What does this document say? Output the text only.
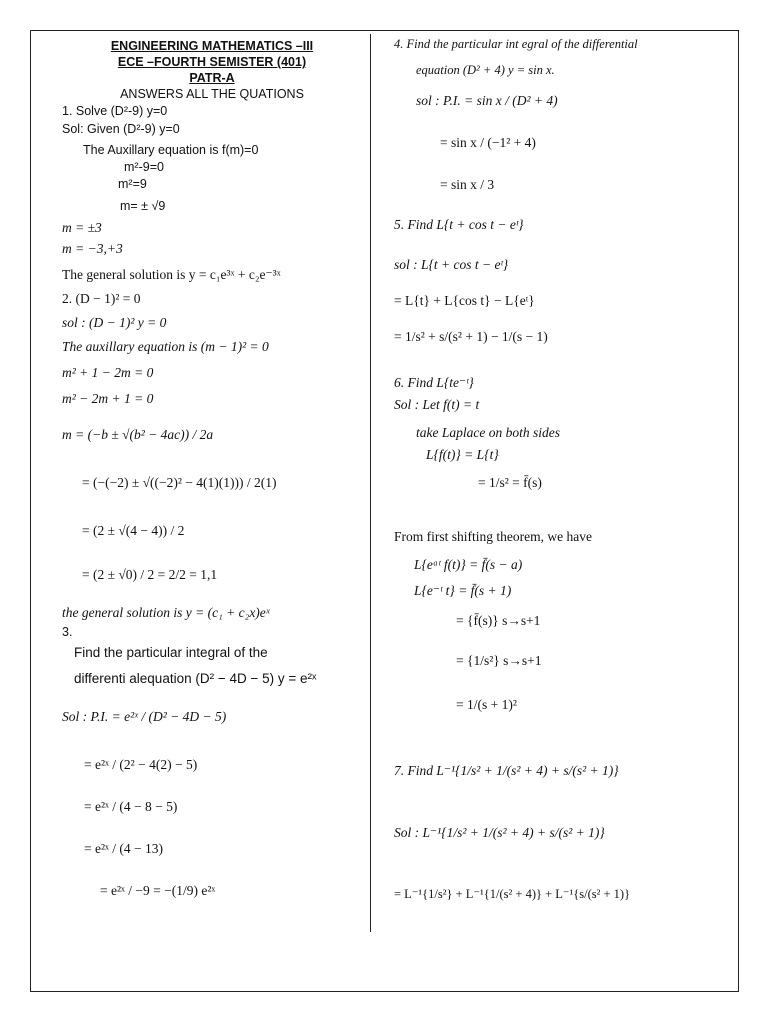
ENGINEERING MATHEMATICS –III
ECE –FOURTH SEMISTER (401)
PATR-A
ANSWERS ALL THE QUATIONS
1. Solve (D²-9) y=0
Sol: Given (D²-9) y=0
The Auxillary equation is f(m)=0
m²-9=0
m²=9
m= ± √9
m = ±3
m = −3,+3
The general solution is y = c₁e³ˣ + c₂e⁻³ˣ
2. (D − 1)² = 0
sol : (D − 1)² y = 0
The auxillary equation is (m − 1)² = 0
m² + 1 − 2m = 0
m² − 2m + 1 = 0
m = (−b ± √(b² − 4ac)) / 2a
= (−(−2) ± √((−2)² − 4(1)(1))) / 2(1)
= (2 ± √(4 − 4)) / 2
= (2 ± √0) / 2 = 2/2 = 1,1
the general solution is y = (c₁ + c₂x)eˣ
3.
Find the particular integral of the
differenti alequation (D² − 4D − 5) y = e²ˣ
Sol : P.I. = e²ˣ / (D² − 4D − 5)
= e²ˣ / (2² − 4(2) − 5)
= e²ˣ / (4 − 8 − 5)
= e²ˣ / (4 − 13)
= e²ˣ / −9 = −(1/9) e²ˣ
4. Find the particular int egral of the differential
equation (D² + 4) y = sin x.
sol : P.I. = sin x / (D² + 4)
= sin x / (−1² + 4)
= sin x / 3
5. Find L{t + cos t − eᵗ}
sol : L{t + cos t − eᵗ}
= L{t} + L{cos t} − L{eᵗ}
= 1/s² + s/(s² + 1) − 1/(s − 1)
6. Find L{te⁻ᵗ}
Sol : Let f(t) = t
take Laplace on both sides
L{f(t)} = L{t}
= 1/s² = f̄(s)
From first shifting theorem, we have
L{eᵃᵗ f(t)} = f̄(s − a)
L{e⁻ᵗ t} = f̄(s + 1)
= {f̄(s)} s→s+1
= {1/s²} s→s+1
= 1/(s + 1)²
7. Find L⁻¹{1/s² + 1/(s² + 4) + s/(s² + 1)}
Sol : L⁻¹{1/s² + 1/(s² + 4) + s/(s² + 1)}
= L⁻¹{1/s²} + L⁻¹{1/(s² + 4)} + L⁻¹{s/(s² + 1)}
